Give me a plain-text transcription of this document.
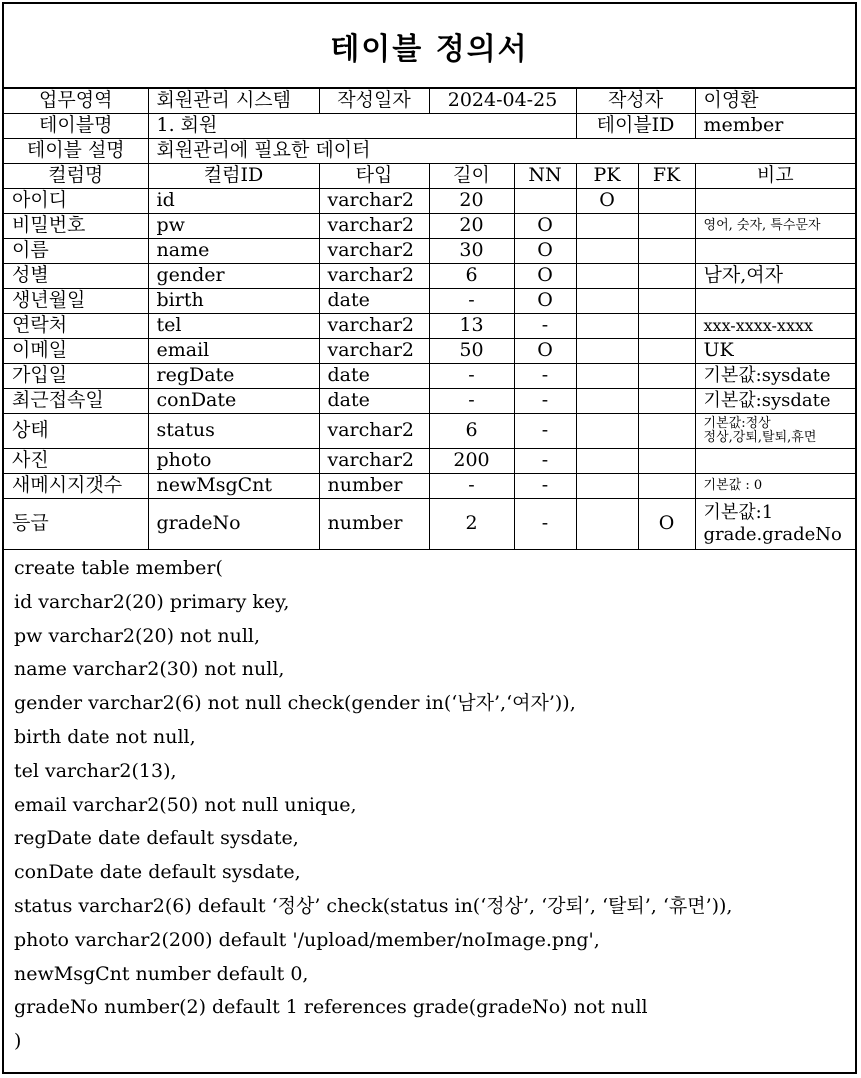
테이블 정의서
업무영역	회원관리 시스템	작성일자	2024-04-25		작성자		이영환
테이블명	1. 회원				테이블ID		member
테이블 설명	회원관리에 필요한 데이터						
컬럼명	컬럼ID	타입	길이	NN	PK	FK	비고
아이디	id	varchar2	20		O		
비밀번호	pw	varchar2	20	O			영어, 숫자, 특수문자
이름	name	varchar2	30	O			
성별	gender	varchar2	6	O			남자,여자
생년월일	birth	date	-	O			
연락처	tel	varchar2	13	-			xxx-xxxx-xxxx
이메일	email	varchar2	50	O			UK
가입일	regDate	date	-	-			기본값:sysdate
최근접속일	conDate	date	-	-			기본값:sysdate
상태	status	varchar2	6	-			기본값:정상
정상,강퇴,탈퇴,휴면

사진	photo	varchar2	200	-			
새메시지갯수	newMsgCnt	number	-	-			기본값 : 0
등급	gradeNo	number	2	-		O	기본값:1
grade.gradeNo
create table member(
id varchar2(20) primary key,
pw varchar2(20) not null,
name varchar2(30) not null,
gender varchar2(6) not null check(gender in(‘남자’,‘여자’)),
birth date not null,
tel varchar2(13),
email varchar2(50) not null unique,
regDate date default sysdate,
conDate date default sysdate,
status varchar2(6) default ‘정상’ check(status in(‘정상’, ‘강퇴’, ‘탈퇴’, ‘휴면’)),
photo varchar2(200) default '/upload/member/noImage.png',
newMsgCnt number default 0,
gradeNo number(2) default 1 references grade(gradeNo) not null
)
